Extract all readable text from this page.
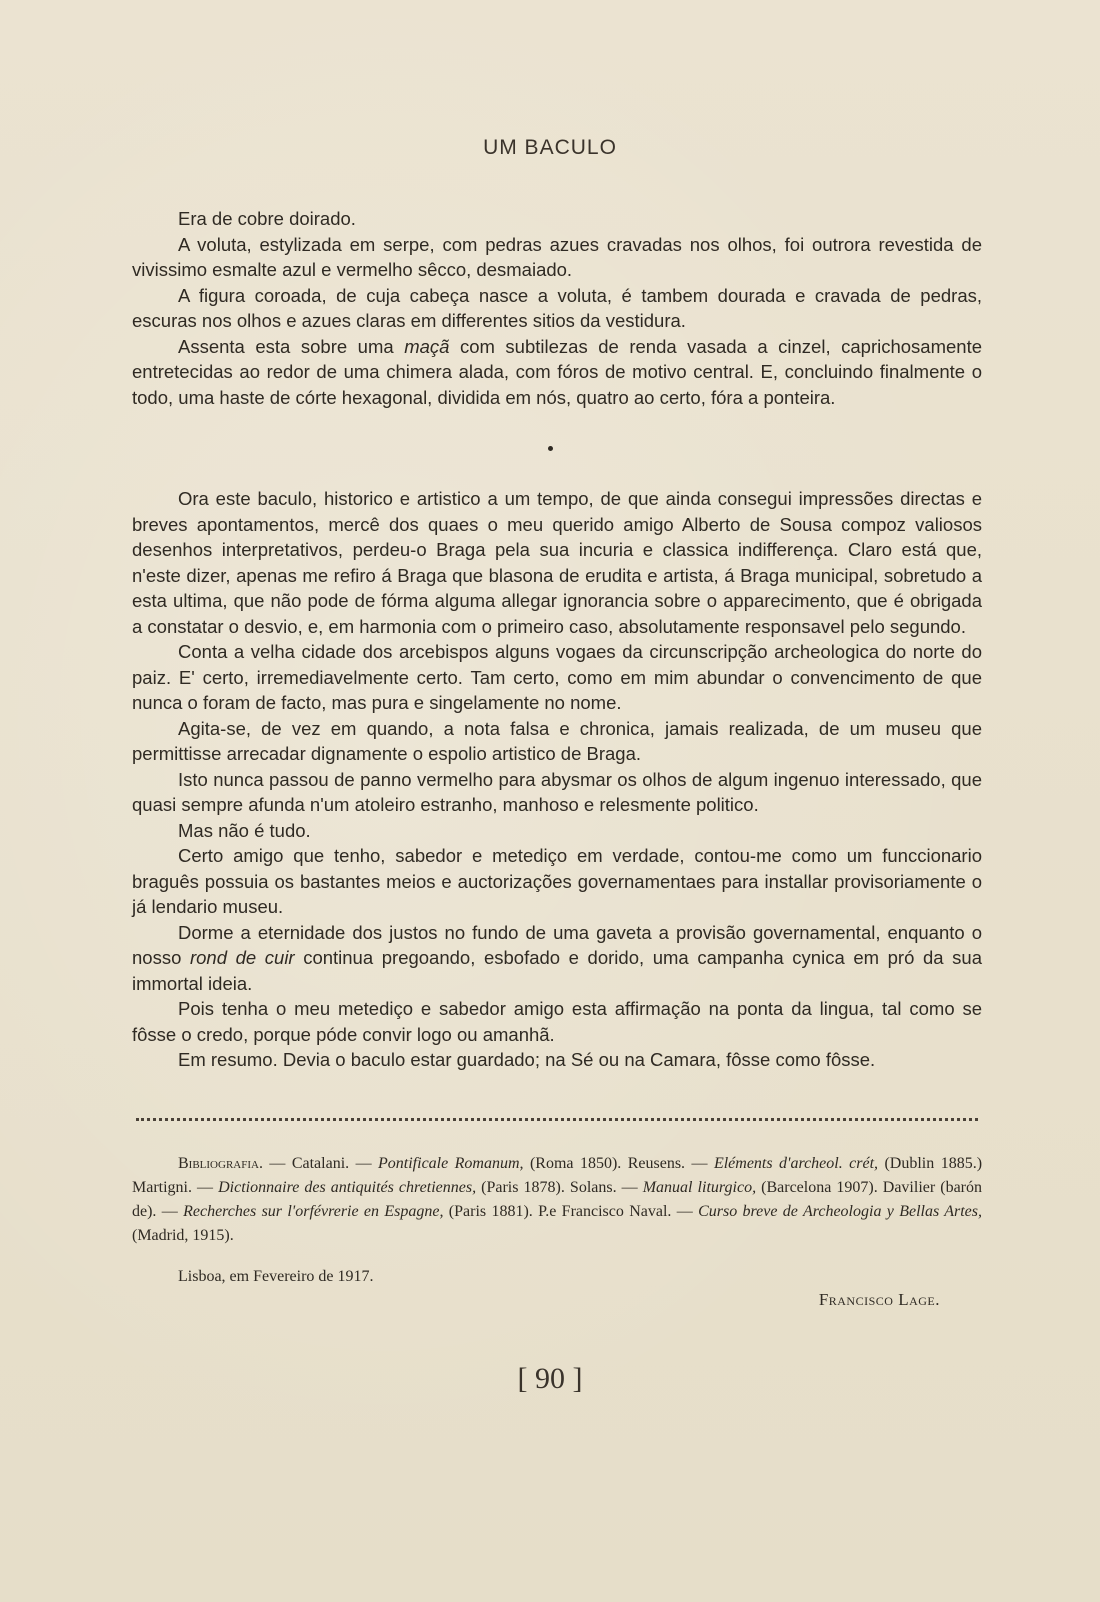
UM BACULO

Era de cobre doirado.

A voluta, estylizada em serpe, com pedras azues cravadas nos olhos, foi outrora revestida de vivissimo esmalte azul e vermelho sêcco, desmaiado.

A figura coroada, de cuja cabeça nasce a voluta, é tambem dourada e cravada de pedras, escuras nos olhos e azues claras em differentes sitios da vestidura.

Assenta esta sobre uma maçã com subtilezas de renda vasada a cinzel, caprichosamente entretecidas ao redor de uma chimera alada, com fóros de motivo central. E, concluindo finalmente o todo, uma haste de córte hexagonal, dividida em nós, quatro ao certo, fóra a ponteira.

Ora este baculo, historico e artistico a um tempo, de que ainda consegui impressões directas e breves apontamentos, mercê dos quaes o meu querido amigo Alberto de Sousa compoz valiosos desenhos interpretativos, perdeu-o Braga pela sua incuria e classica indifferença. Claro está que, n'este dizer, apenas me refiro á Braga que blasona de erudita e artista, á Braga municipal, sobretudo a esta ultima, que não pode de fórma alguma allegar ignorancia sobre o apparecimento, que é obrigada a constatar o desvio, e, em harmonia com o primeiro caso, absolutamente responsavel pelo segundo.

Conta a velha cidade dos arcebispos alguns vogaes da circunscripção archeologica do norte do paiz. E' certo, irremediavelmente certo. Tam certo, como em mim abundar o convencimento de que nunca o foram de facto, mas pura e singelamente no nome.

Agita-se, de vez em quando, a nota falsa e chronica, jamais realizada, de um museu que permittisse arrecadar dignamente o espolio artistico de Braga.

Isto nunca passou de panno vermelho para abysmar os olhos de algum ingenuo interessado, que quasi sempre afunda n'um atoleiro estranho, manhoso e relesmente politico.

Mas não é tudo.

Certo amigo que tenho, sabedor e metediço em verdade, contou-me como um funccionario braguês possuia os bastantes meios e auctorizações governamentaes para installar provisoriamente o já lendario museu.

Dorme a eternidade dos justos no fundo de uma gaveta a provisão governamental, enquanto o nosso rond de cuir continua pregoando, esbofado e dorido, uma campanha cynica em pró da sua immortal ideia.

Pois tenha o meu metediço e sabedor amigo esta affirmação na ponta da lingua, tal como se fôsse o credo, porque póde convir logo ou amanhã.

Em resumo. Devia o baculo estar guardado; na Sé ou na Camara, fôsse como fôsse.

Bibliografia. — Catalani. — Pontificale Romanum, (Roma 1850). Reusens. — Eléments d'archeol. crét, (Dublin 1885.) Martigni. — Dictionnaire des antiquités chretiennes, (Paris 1878). Solans. — Manual liturgico, (Barcelona 1907). Davilier (barón de). — Recherches sur l'orfévrerie en Espagne, (Paris 1881). P.e Francisco Naval. — Curso breve de Archeologia y Bellas Artes, (Madrid, 1915).

Lisboa, em Fevereiro de 1917.
Francisco Lage.
[ 90 ]
